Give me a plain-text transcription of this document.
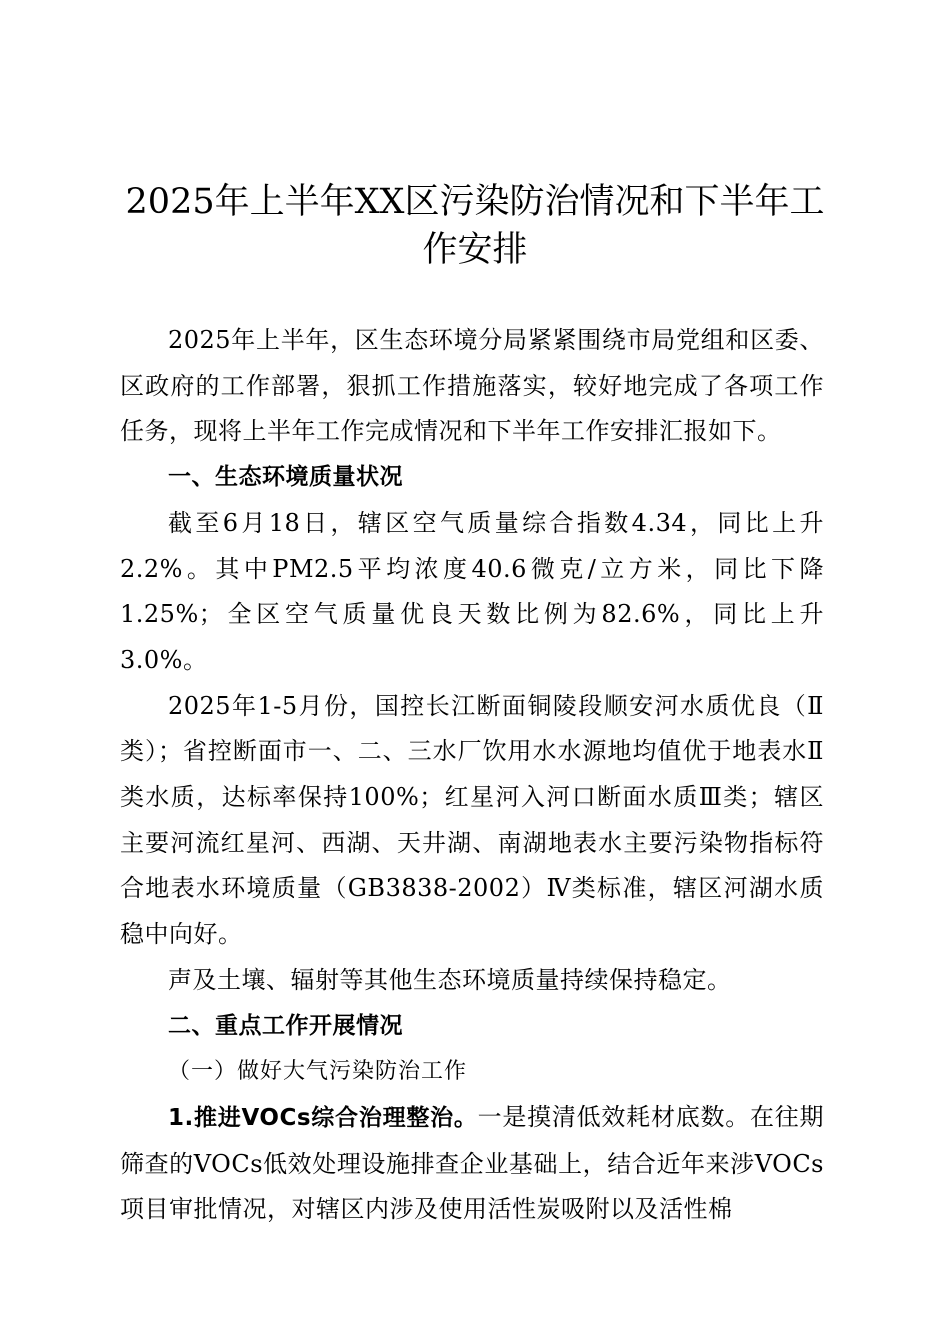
2025年上半年XX区污染防治情况和下半年工作安排

2025年上半年，区生态环境分局紧紧围绕市局党组和区委、区政府的工作部署，狠抓工作措施落实，较好地完成了各项工作任务，现将上半年工作完成情况和下半年工作安排汇报如下。

一、生态环境质量状况

截至6月18日，辖区空气质量综合指数4.34，同比上升2.2%。其中PM2.5平均浓度40.6微克/立方米，同比下降1.25%；全区空气质量优良天数比例为82.6%，同比上升3.0%。

2025年1-5月份，国控长江断面铜陵段顺安河水质优良（Ⅱ类）；省控断面市一、二、三水厂饮用水水源地均值优于地表水Ⅱ类水质，达标率保持100%；红星河入河口断面水质Ⅲ类；辖区主要河流红星河、西湖、天井湖、南湖地表水主要污染物指标符合地表水环境质量（GB3838-2002）Ⅳ类标准，辖区河湖水质稳中向好。

声及土壤、辐射等其他生态环境质量持续保持稳定。

二、重点工作开展情况

（一）做好大气污染防治工作

1.推进VOCs综合治理整治。一是摸清低效耗材底数。在往期筛查的VOCs低效处理设施排查企业基础上，结合近年来涉VOCs项目审批情况，对辖区内涉及使用活性炭吸附以及活性棉
